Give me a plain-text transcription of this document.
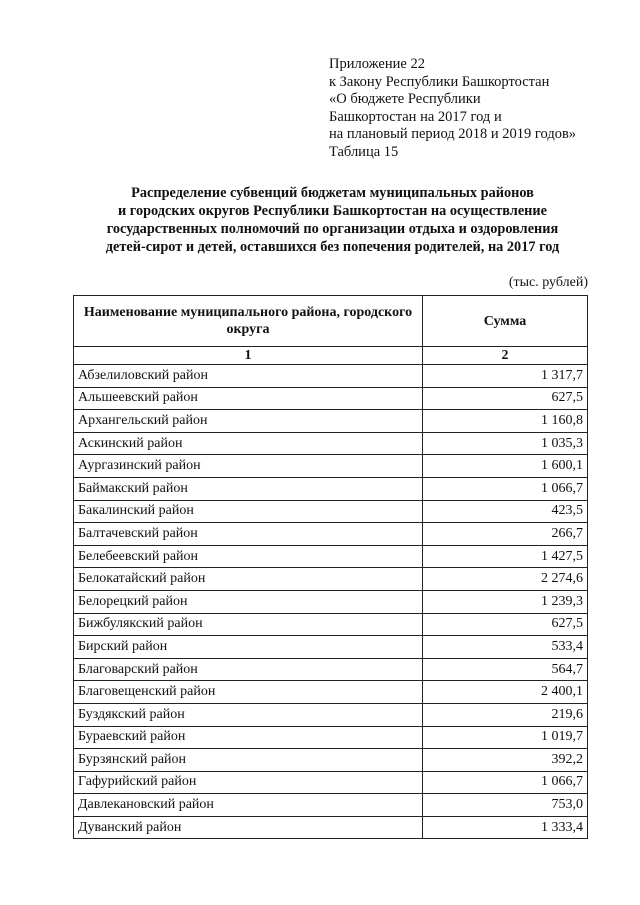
Приложение 22
к Закону Республики Башкортостан
«О бюджете Республики
Башкортостан на 2017 год и
на плановый период 2018 и 2019 годов»
Таблица 15
Распределение субвенций бюджетам муниципальных районов
и городских округов Республики Башкортостан на осуществление
государственных полномочий по организации отдыха и оздоровления
детей-сирот и детей, оставшихся без попечения родителей, на 2017 год
(тыс. рублей)
Наименование муниципального района, городского округа	Сумма
1	2
Абзелиловский район	1 317,7
Альшеевский район	627,5
Архангельский район	1 160,8
Аскинский район	1 035,3
Аургазинский район	1 600,1
Баймакский район	1 066,7
Бакалинский район	423,5
Балтачевский район	266,7
Белебеевский район	1 427,5
Белокатайский район	2 274,6
Белорецкий район	1 239,3
Бижбулякский район	627,5
Бирский район	533,4
Благоварский район	564,7
Благовещенский район	2 400,1
Буздякский район	219,6
Бураевский район	1 019,7
Бурзянский район	392,2
Гафурийский район	1 066,7
Давлекановский район	753,0
Дуванский район	1 333,4
